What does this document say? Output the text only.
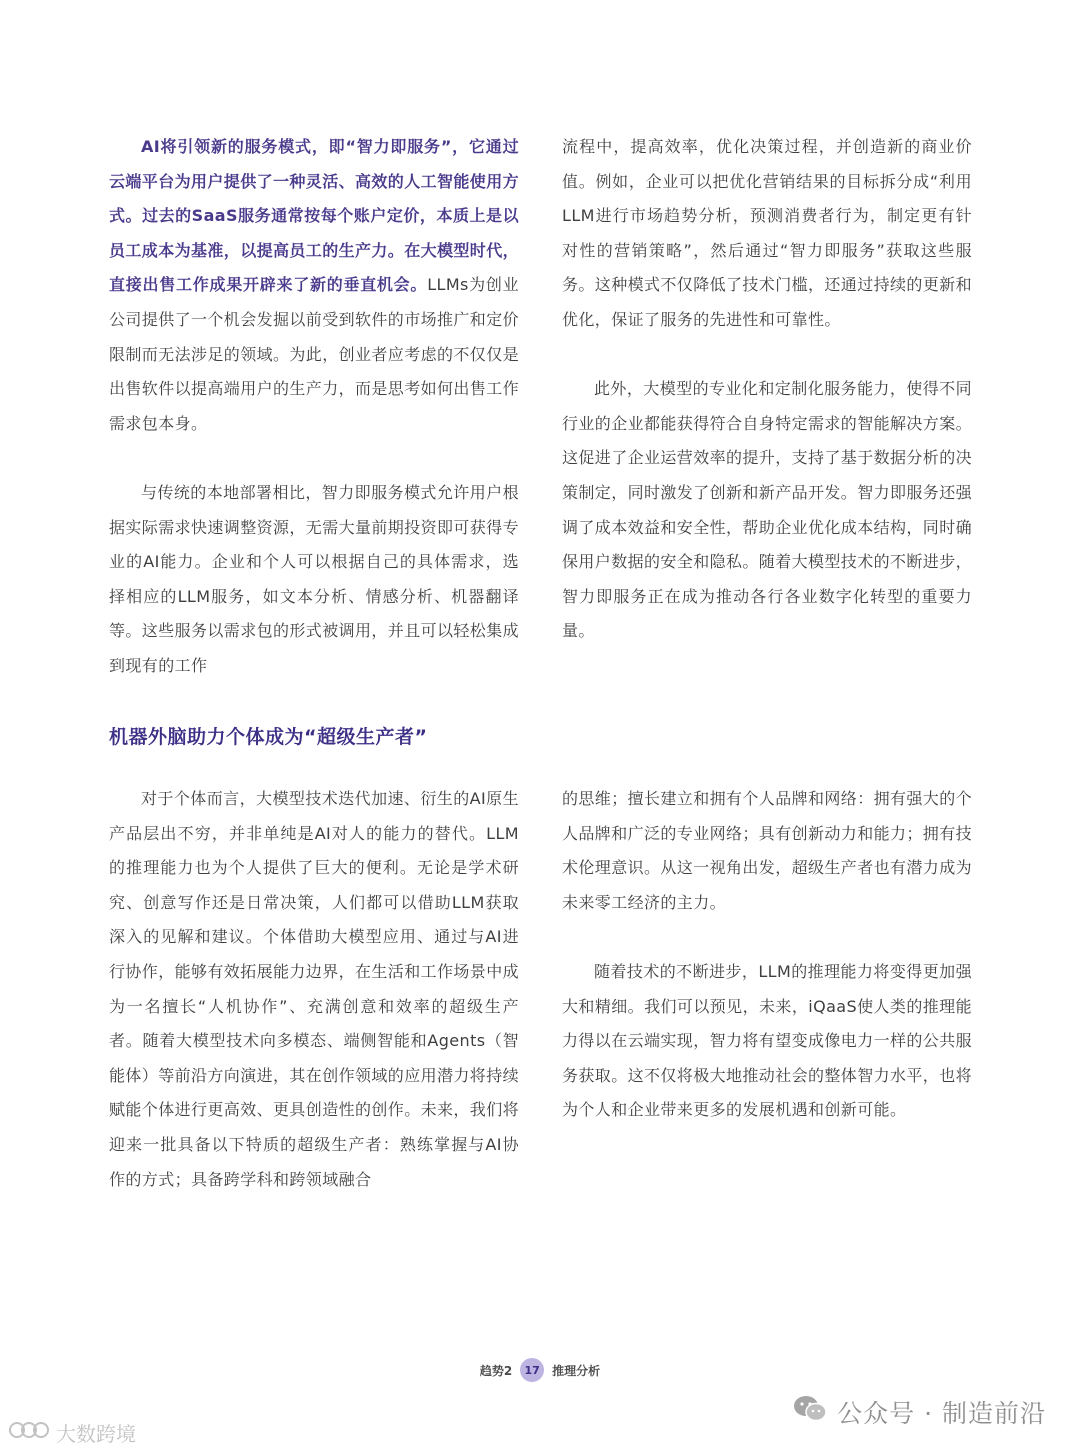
AI将引领新的服务模式，即“智力即服务”，它通过云端平台为用户提供了一种灵活、高效的人工智能使用方式。过去的SaaS服务通常按每个账户定价，本质上是以员工成本为基准，以提高员工的生产力。在大模型时代，直接出售工作成果开辟来了新的垂直机会。LLMs为创业公司提供了一个机会发掘以前受到软件的市场推广和定价限制而无法涉足的领域。为此，创业者应考虑的不仅仅是出售软件以提高端用户的生产力，而是思考如何出售工作需求包本身。

与传统的本地部署相比，智力即服务模式允许用户根据实际需求快速调整资源，无需大量前期投资即可获得专业的AI能力。企业和个人可以根据自己的具体需求，选择相应的LLM服务，如文本分析、情感分析、机器翻译等。这些服务以需求包的形式被调用，并且可以轻松集成到现有的工作

流程中，提高效率，优化决策过程，并创造新的商业价值。例如，企业可以把优化营销结果的目标拆分成“利用LLM进行市场趋势分析，预测消费者行为，制定更有针对性的营销策略”，然后通过“智力即服务”获取这些服务。这种模式不仅降低了技术门槛，还通过持续的更新和优化，保证了服务的先进性和可靠性。

此外，大模型的专业化和定制化服务能力，使得不同行业的企业都能获得符合自身特定需求的智能解决方案。这促进了企业运营效率的提升，支持了基于数据分析的决策制定，同时激发了创新和新产品开发。智力即服务还强调了成本效益和安全性，帮助企业优化成本结构，同时确保用户数据的安全和隐私。随着大模型技术的不断进步，智力即服务正在成为推动各行各业数字化转型的重要力量。

机器外脑助力个体成为“超级生产者”

对于个体而言，大模型技术迭代加速、衍生的AI原生产品层出不穷，并非单纯是AI对人的能力的替代。LLM的推理能力也为个人提供了巨大的便利。无论是学术研究、创意写作还是日常决策，人们都可以借助LLM获取深入的见解和建议。个体借助大模型应用、通过与AI进行协作，能够有效拓展能力边界，在生活和工作场景中成为一名擅长“人机协作”、充满创意和效率的超级生产者。随着大模型技术向多模态、端侧智能和Agents（智能体）等前沿方向演进，其在创作领域的应用潜力将持续赋能个体进行更高效、更具创造性的创作。未来，我们将迎来一批具备以下特质的超级生产者：熟练掌握与AI协作的方式；具备跨学科和跨领域融合

的思维；擅长建立和拥有个人品牌和网络：拥有强大的个人品牌和广泛的专业网络；具有创新动力和能力；拥有技术伦理意识。从这一视角出发，超级生产者也有潜力成为未来零工经济的主力。

随着技术的不断进步，LLM的推理能力将变得更加强大和精细。我们可以预见，未来，iQaaS使人类的推理能力得以在云端实现，智力将有望变成像电力一样的公共服务获取。这不仅将极大地推动社会的整体智力水平，也将为个人和企业带来更多的发展机遇和创新可能。

趋势2	17	推理分析
公众号 · 制造前沿
大数跨境
